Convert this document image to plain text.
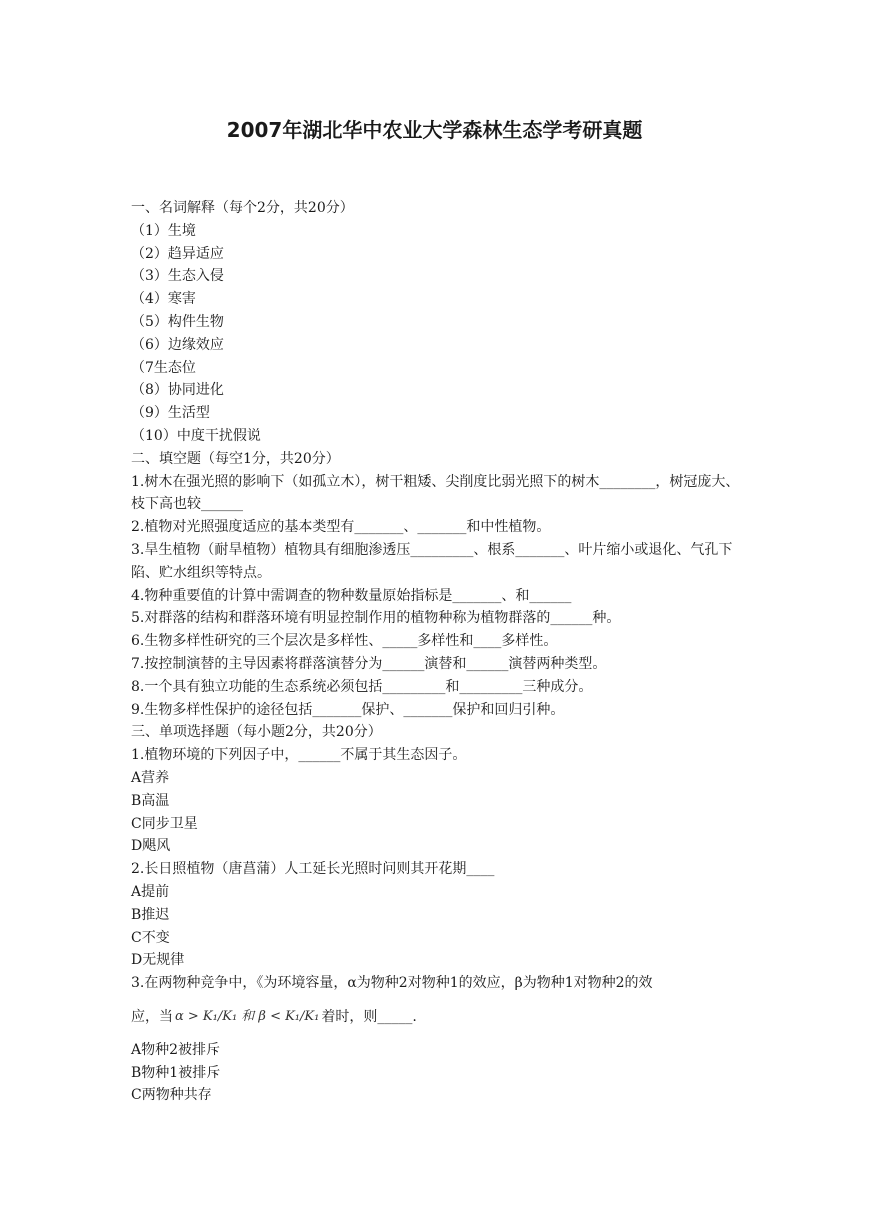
2007年湖北华中农业大学森林生态学考研真题
一、名词解释（每个2分，共20分）
（1）生境
（2）趋异适应
（3）生态入侵
（4）寒害
（5）构件生物
（6）边缘效应
（7生态位
（8）协同进化
（9）生活型
（10）中度干扰假说
二、填空题（每空1分，共20分）
1.树木在强光照的影响下（如孤立木），树干粗矮、尖削度比弱光照下的树木________，树冠庞大、枝下高也较______
2.植物对光照强度适应的基本类型有_______、_______和中性植物。
3.旱生植物（耐旱植物）植物具有细胞渗透压_________、根系_______、叶片缩小或退化、气孔下陷、贮水组织等特点。
4.物种重要值的计算中需调查的物种数量原始指标是_______、和______
5.对群落的结构和群落环境有明显控制作用的植物种称为植物群落的______种。
6.生物多样性研究的三个层次是多样性、_____多样性和____多样性。
7.按控制演替的主导因素将群落演替分为______演替和______演替两种类型。
8.一个具有独立功能的生态系统必须包括_________和_________三种成分。
9.生物多样性保护的途径包括_______保护、_______保护和回归引种。
三、单项选择题（每小题2分，共20分）
1.植物环境的下列因子中，______不属于其生态因子。
A营养
B高温
C同步卫星
D飓风
2.长日照植物（唐菖蒲）人工延长光照时问则其开花期____
A提前
B推迟
C不变
D无规律
3.在两物种竞争中，《为环境容量，α为物种2对物种1的效应，β为物种1对物种2的效
应，当 α > K₁/K₁ 和 β < K₁/K₁ 着时，则_____.
A物种2被排斥
B物种1被排斥
C两物种共存
